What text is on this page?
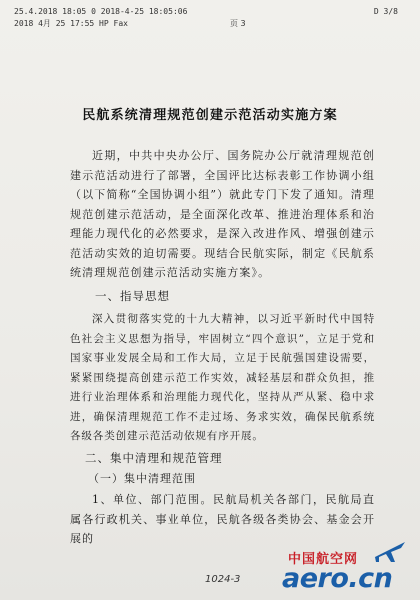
25.4.2018 18:05 0 2018-4-25 18:05:06	D 3/8
2018 4月 25 17:55 HP Fax	页 3
民航系统清理规范创建示范活动实施方案
近期，中共中央办公厅、国务院办公厅就清理规范创建示范活动进行了部署，全国评比达标表彰工作协调小组（以下简称“全国协调小组”）就此专门下发了通知。清理规范创建示范活动，是全面深化改革、推进治理体系和治理能力现代化的必然要求，是深入改进作风、增强创建示范活动实效的迫切需要。现结合民航实际，制定《民航系统清理规范创建示范活动实施方案》。
一、指导思想
深入贯彻落实党的十九大精神，以习近平新时代中国特色社会主义思想为指导，牢固树立“四个意识”，立足于党和国家事业发展全局和工作大局，立足于民航强国建设需要，紧紧围绕提高创建示范工作实效，减轻基层和群众负担，推进行业治理体系和治理能力现代化，坚持从严从紧、稳中求进，确保清理规范工作不走过场、务求实效，确保民航系统各级各类创建示范活动依规有序开展。
二、集中清理和规范管理
（一）集中清理范围
1、单位、部门范围。民航局机关各部门，民航局直属各行政机关、事业单位，民航各级各类协会、基金会开展的
1024-3
中国航空网
aero.cn
